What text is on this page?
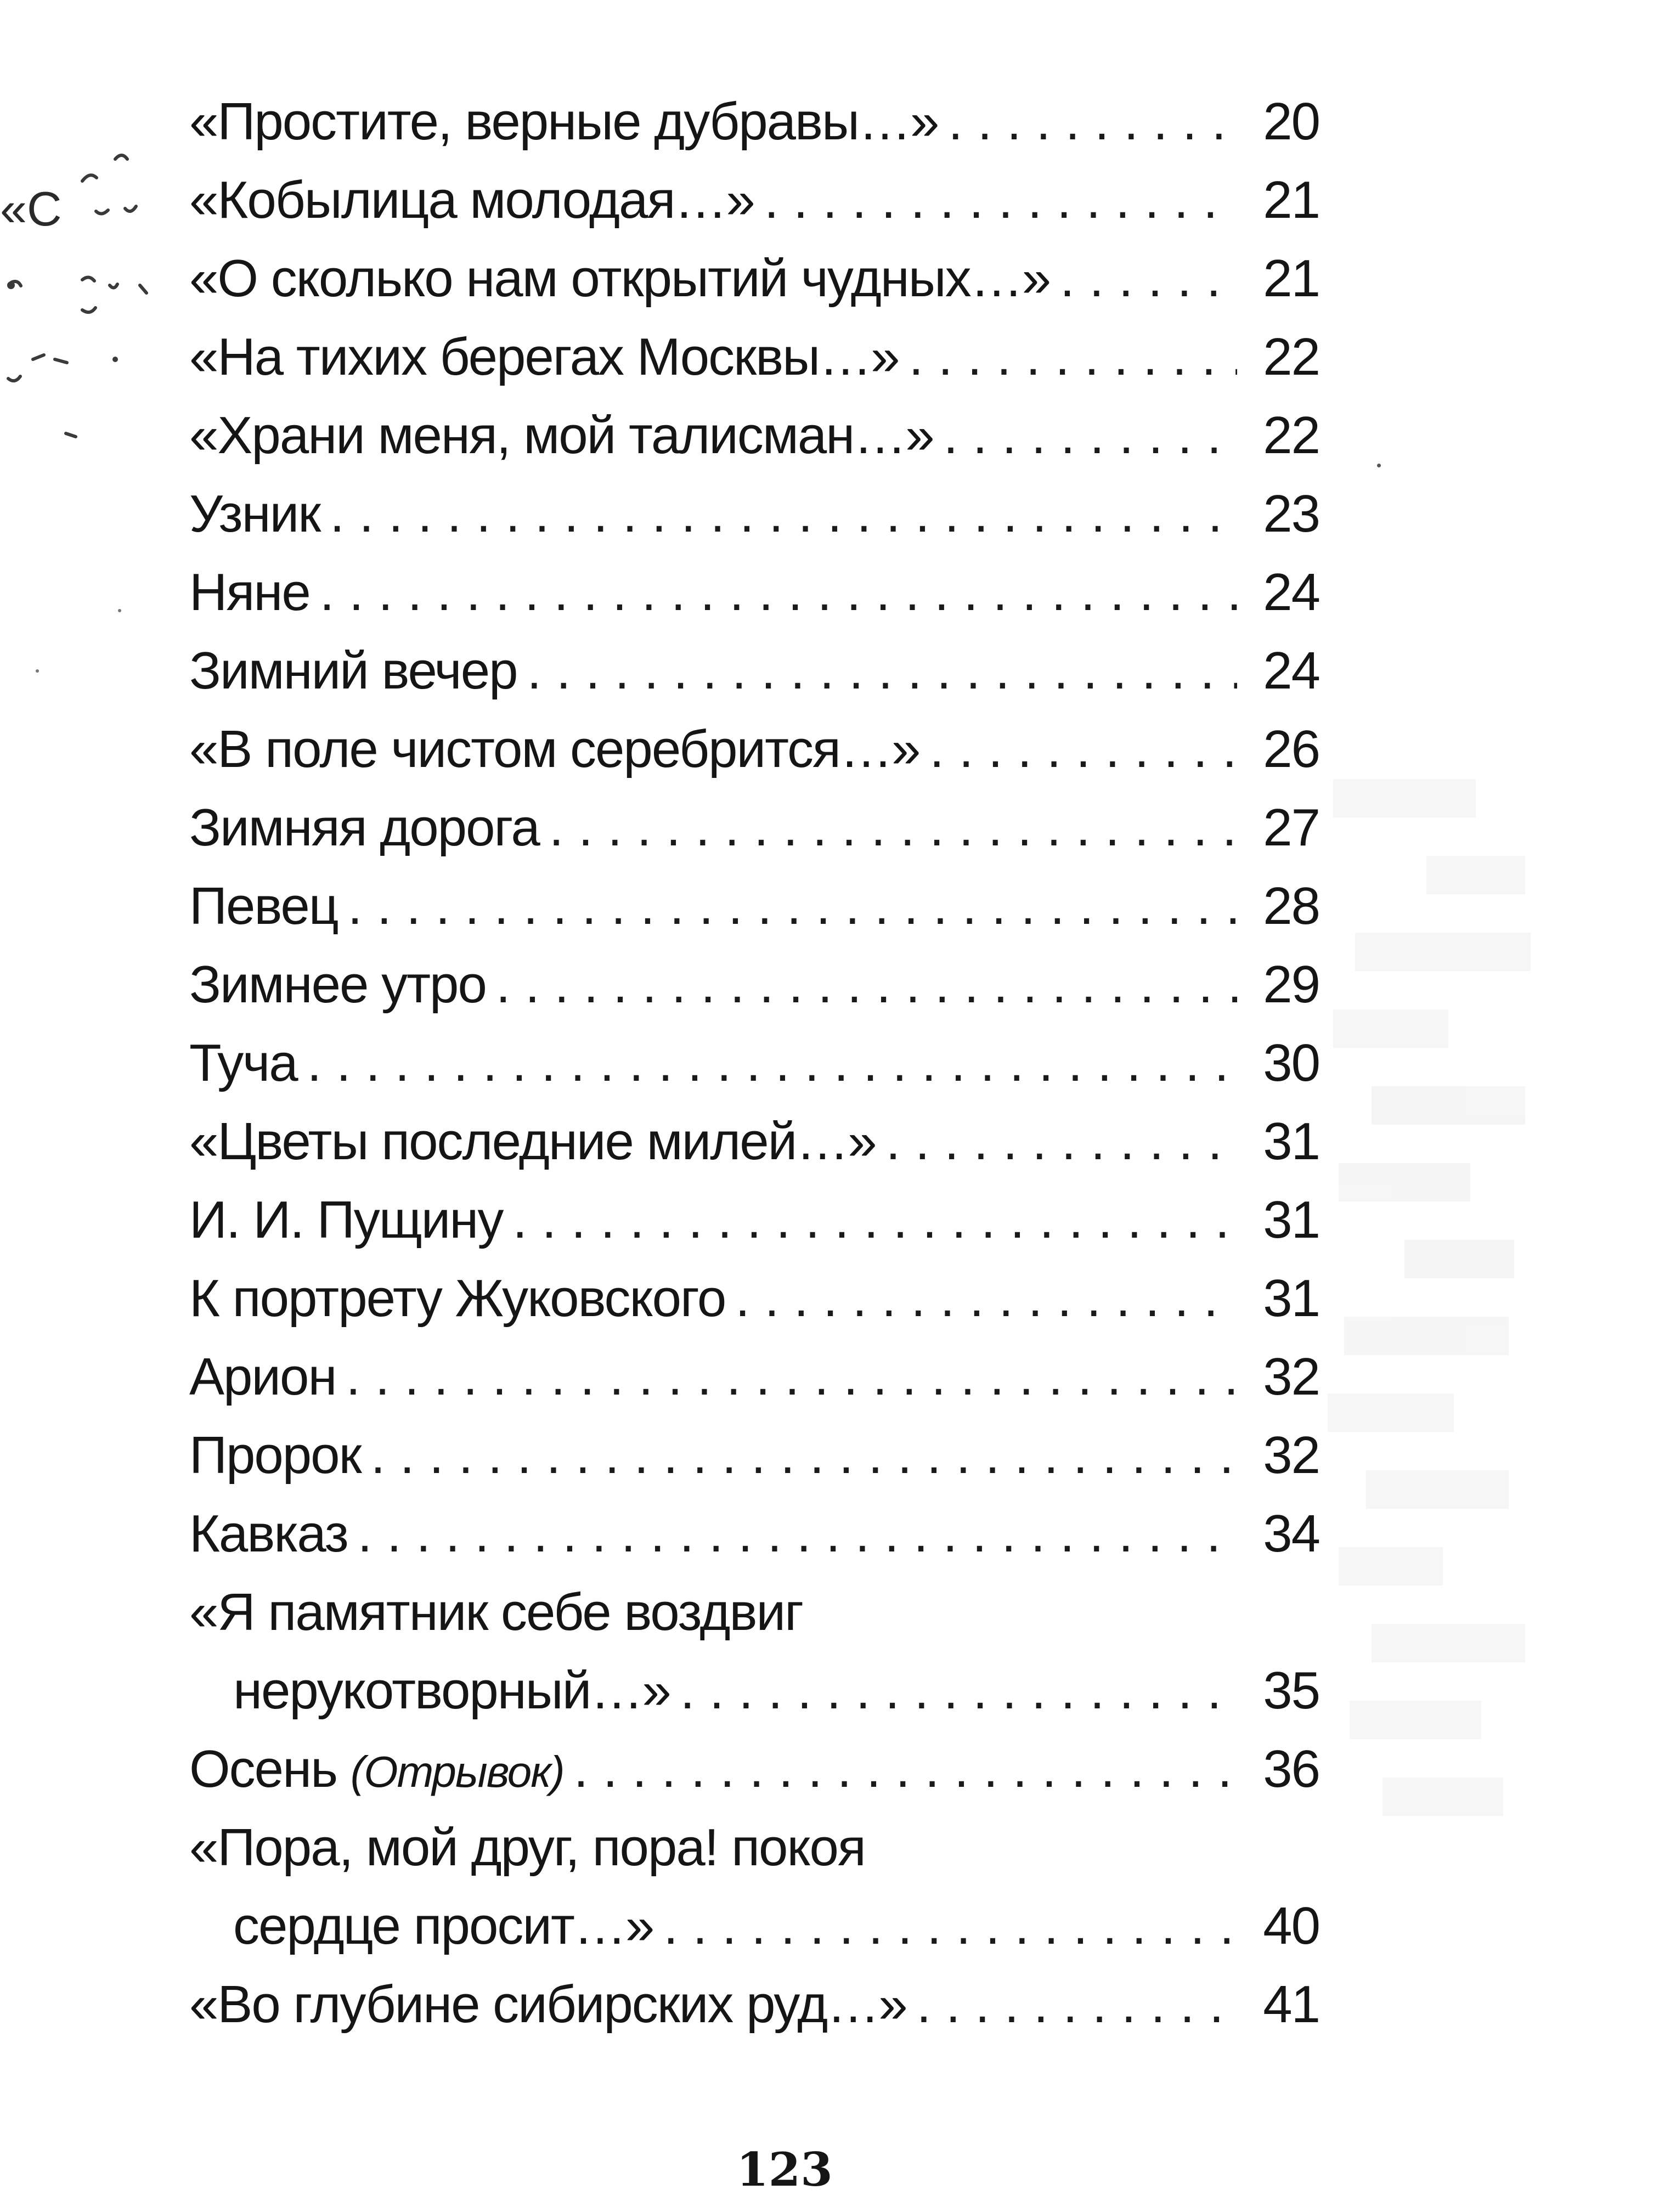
«С
«Простите, верные дубравы…» . . .	20
«Кобылица молодая…» . . .	21
«О сколько нам открытий чудных…» . . .	21
«На тихих берегах Москвы…» . . .	22
«Храни меня, мой талисман…» . . .	22
Узник . . .	23
Няне . . .	24
Зимний вечер . . .	24
«В поле чистом серебрится…» . . .	26
Зимняя дорога . . .	27
Певец . . .	28
Зимнее утро . . .	29
Туча . . .	30
«Цветы последние милей…» . . .	31
И. И. Пущину . . .	31
К портрету Жуковского . . .	31
Арион . . .	32
Пророк . . .	32
Кавказ . . .	34
«Я памятник себе воздвиг
нерукотворный…» . . .	35
Осень (Отрывок) . . .	36
«Пора, мой друг, пора! покоя
сердце просит…» . . .	40
«Во глубине сибирских руд…» . . .	41
123
